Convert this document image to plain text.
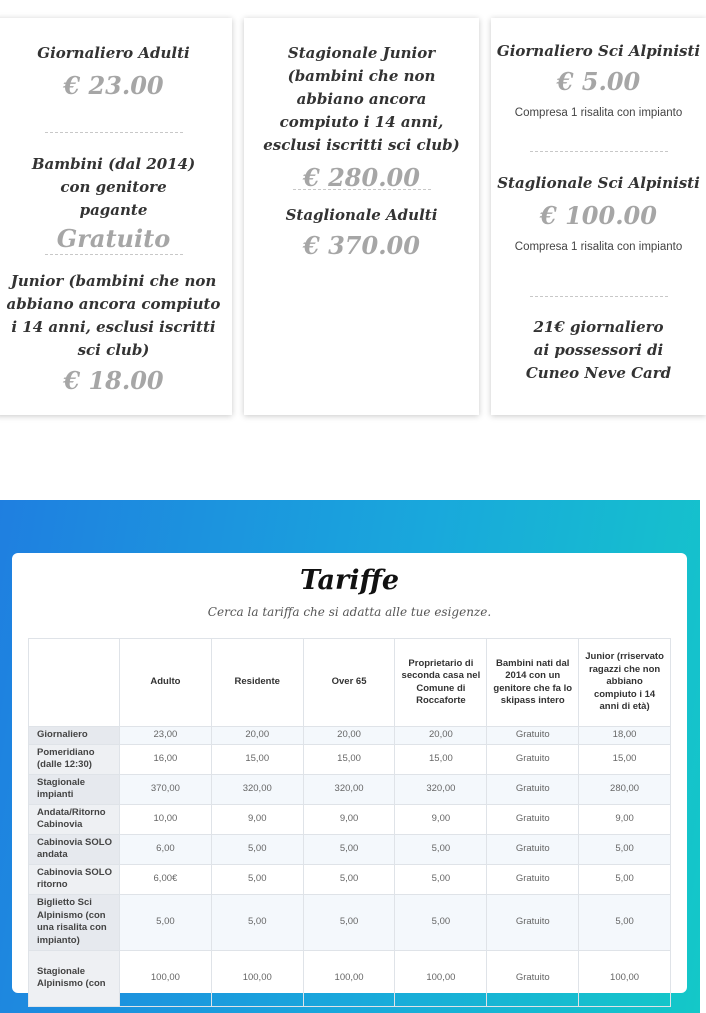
Giornaliero Adulti
€ 23.00
Bambini (dal 2014) con genitore pagante
Gratuito
Junior (bambini che non abbiano ancora compiuto i 14 anni, esclusi iscritti sci club)
€ 18.00
Stagionale Junior (bambini che non abbiano ancora compiuto i 14 anni, esclusi iscritti sci club)
€ 280.00
Staglionale Adulti
€ 370.00
Giornaliero Sci Alpinisti
€ 5.00
Compresa 1 risalita con impianto
Staglionale Sci Alpinisti
€ 100.00
Compresa 1 risalita con impianto
21€ giornaliero
ai possessori di
Cuneo Neve Card
Tariffe
Cerca la tariffa che si adatta alle tue esigenze.
	Adulto	Residente	Over 65	Proprietario di seconda casa nel Comune di Roccaforte	Bambini nati dal 2014 con un genitore che fa lo skipass intero	Junior (rriservato ragazzi che non abbiano compiuto i 14 anni di età)
Giornaliero	23,00	20,00	20,00	20,00	Gratuito	18,00
Pomeridiano (dalle 12:30)	16,00	15,00	15,00	15,00	Gratuito	15,00
Stagionale impianti	370,00	320,00	320,00	320,00	Gratuito	280,00
Andata/Ritorno Cabinovia	10,00	9,00	9,00	9,00	Gratuito	9,00
Cabinovia SOLO andata	6,00	5,00	5,00	5,00	Gratuito	5,00
Cabinovia SOLO ritorno	6,00€	5,00	5,00	5,00	Gratuito	5,00
Biglietto Sci Alpinismo (con una risalita con impianto)	5,00	5,00	5,00	5,00	Gratuito	5,00
Stagionale Alpinismo (con	100,00	100,00	100,00	100,00	Gratuito	100,00
